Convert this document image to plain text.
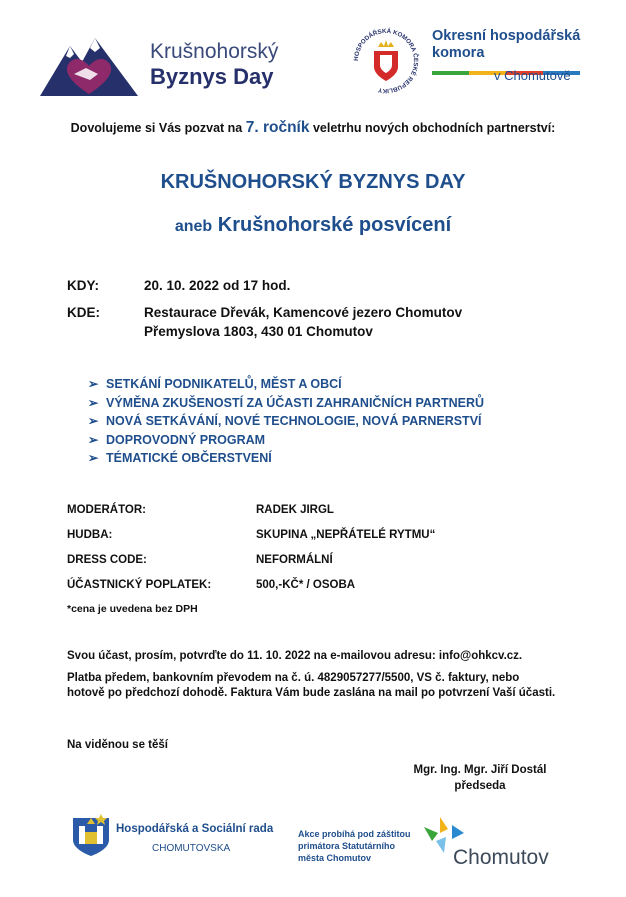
Krušnohorský
Byznys Day
HOSPODÁŘSKÁ KOMORA ČESKÉ REPUBLIKY
Okresní hospodářská
komora
v Chomutově
Dovolujeme si Vás pozvat na 7. ročník veletrhu nových obchodních partnerství:
KRUŠNOHORSKÝ BYZNYS DAY
aneb Krušnohorské posvícení
KDY:	20. 10. 2022 od 17 hod.
KDE:	Restaurace Dřevák, Kamencové jezero Chomutov
Přemyslova 1803, 430 01 Chomutov
➢ SETKÁNÍ PODNIKATELŮ, MĚST A OBCÍ
➢ VÝMĚNA ZKUŠENOSTÍ ZA ÚČASTI ZAHRANIČNÍCH PARTNERŮ
➢ NOVÁ SETKÁVÁNÍ, NOVÉ TECHNOLOGIE, NOVÁ PARNERSTVÍ
➢ DOPROVODNÝ PROGRAM
➢ TÉMATICKÉ OBČERSTVENÍ
MODERÁTOR:	RADEK JIRGL
HUDBA:	SKUPINA „NEPŘÁTELÉ RYTMU“
DRESS CODE:	NEFORMÁLNÍ
ÚČASTNICKÝ POPLATEK:	500,-KČ* / OSOBA
*cena je uvedena bez DPH
Svou účast, prosím, potvrďte do 11. 10. 2022 na e-mailovou adresu: info@ohkcv.cz.
Platba předem, bankovním převodem na č. ú. 4829057277/5500, VS č. faktury, nebo
hotově po předchozí dohodě. Faktura Vám bude zaslána na mail po potvrzení Vaší účasti.
Na viděnou se těší
Mgr. Ing. Mgr. Jiří Dostál
předseda
Hospodářská a Sociální rada
CHOMUTOVSKA
Akce probíhá pod záštitou primátora Statutárního města Chomutov	Chomutov
